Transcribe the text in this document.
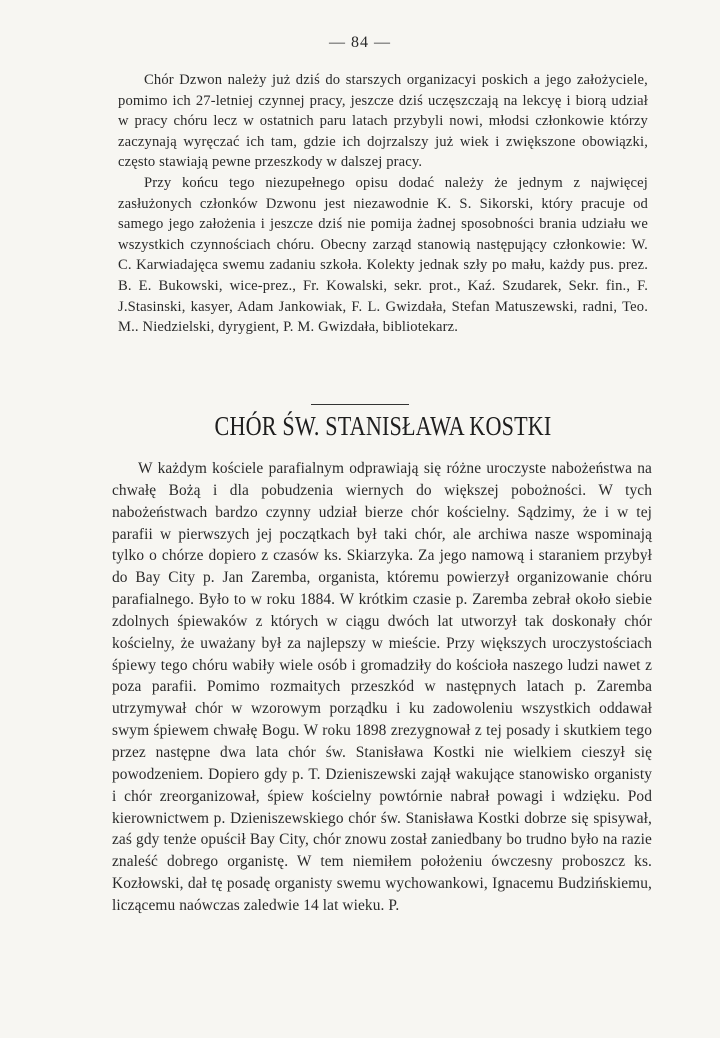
— 84 —

Chór Dzwon należy już dziś do starszych organizacyi poskich a jego założyciele, pomimo ich 27-letniej czynnej pracy, jeszcze dziś uczęszczają na lekcyę i biorą udział w pracy chóru lecz w ostatnich paru latach przybyli nowi, młodsi członkowie którzy zaczynają wyręczać ich tam, gdzie ich dojrzalszy już wiek i zwiększone obowiązki, często stawiają pewne przeszkody w dalszej pracy.

Przy końcu tego niezupełnego opisu dodać należy że jednym z najwięcej zasłużonych członków Dzwonu jest niezawodnie K. S. Sikorski, który pracuje od samego jego założenia i jeszcze dziś nie pomija żadnej sposobności brania udziału we wszystkich czynnościach chóru. Obecny zarząd stanowią następujący członkowie: W. C. Karwiadajęca swemu zadaniu szkoła. Kolekty jednak szły po mału, każdy pus. prez. B. E. Bukowski, wice-prez., Fr. Kowalski, sekr. prot., Kaź. Szudarek, Sekr. fin., F. J.Stasinski, kasyer, Adam Jankowiak, F. L. Gwizdała, Stefan Matuszewski, radni, Teo. M.. Niedzielski, dyrygient, P. M. Gwizdała, bibliotekarz.

CHÓR ŚW. STANISŁAWA KOSTKI

W każdym kościele parafialnym odprawiają się różne uroczyste nabożeństwa na chwałę Bożą i dla pobudzenia wiernych do większej pobożności. W tych nabożeństwach bardzo czynny udział bierze chór kościelny. Sądzimy, że i w tej parafii w pierwszych jej początkach był taki chór, ale archiwa nasze wspominają tylko o chórze dopiero z czasów ks. Skiarzyka. Za jego namową i staraniem przybył do Bay City p. Jan Zaremba, organista, któremu powierzył organizowanie chóru parafialnego. Było to w roku 1884. W krótkim czasie p. Zaremba zebrał około siebie zdolnych śpiewaków z których w ciągu dwóch lat utworzył tak doskonały chór kościelny, że uważany był za najlepszy w mieście. Przy większych uroczystościach śpiewy tego chóru wabiły wiele osób i gromadziły do kościoła naszego ludzi nawet z poza parafii. Pomimo rozmaitych przeszkód w następnych latach p. Zaremba utrzymywał chór w wzorowym porządku i ku zadowoleniu wszystkich oddawał swym śpiewem chwałę Bogu. W roku 1898 zrezygnował z tej posady i skutkiem tego przez następne dwa lata chór św. Stanisława Kostki nie wielkiem cieszył się powodzeniem. Dopiero gdy p. T. Dzieniszewski zajął wakujące stanowisko organisty i chór zreorganizował, śpiew kościelny powtórnie nabrał powagi i wdzięku. Pod kierownictwem p. Dzieniszewskiego chór św. Stanisława Kostki dobrze się spisywał, zaś gdy tenże opuścił Bay City, chór znowu został zaniedbany bo trudno było na razie znaleść dobrego organistę. W tem niemiłem położeniu ówczesny proboszcz ks. Kozłowski, dał tę posadę organisty swemu wychowankowi, Ignacemu Budzińskiemu, liczącemu naówczas zaledwie 14 lat wieku. P.
